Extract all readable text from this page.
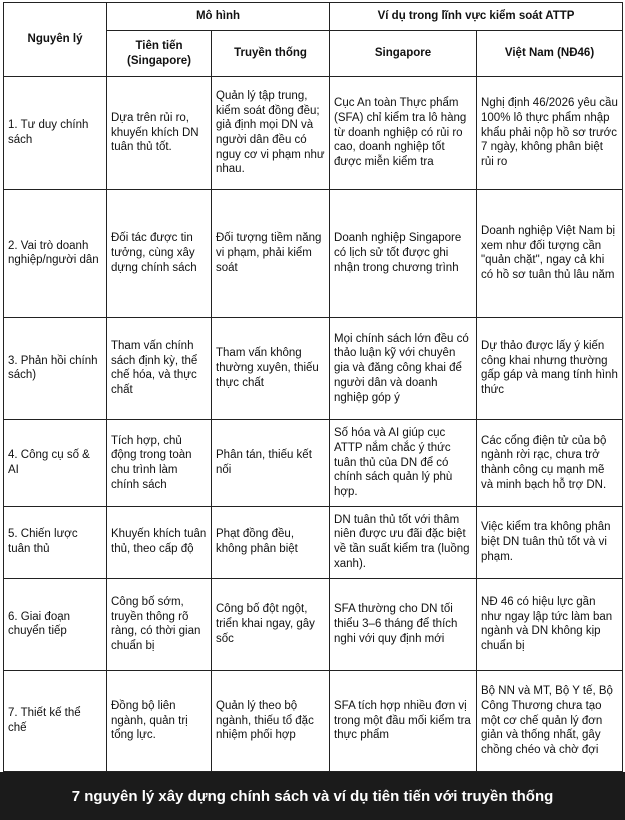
Nguyên lý	Mô hình		Ví dụ trong lĩnh vực kiểm soát ATTP	
	Tiên tiến (Singapore)	Truyền thống	Singapore	Việt Nam (NĐ46)
1. Tư duy chính sách	Dựa trên rủi ro, khuyến khích DN tuân thủ tốt.	Quản lý tập trung, kiểm soát đồng đều; giả định mọi DN và người dân đều có nguy cơ vi phạm như nhau.	Cục An toàn Thực phẩm (SFA) chỉ kiểm tra lô hàng từ doanh nghiệp có rủi ro cao, doanh nghiệp tốt được miễn kiểm tra	Nghị định 46/2026 yêu cầu 100% lô thực phẩm nhập khẩu phải nộp hồ sơ trước 7 ngày, không phân biệt rủi ro
2. Vai trò doanh nghiệp/người dân	Đối tác được tin tưởng, cùng xây dựng chính sách	Đối tượng tiềm năng vi phạm, phải kiểm soát	Doanh nghiệp Singapore có lịch sử tốt được ghi nhận trong chương trình	Doanh nghiệp Việt Nam bị xem như đối tượng cần "quản chặt", ngay cả khi có hồ sơ tuân thủ lâu năm
3. Phản hồi chính sách)	Tham vấn chính sách định kỳ, thể chế hóa, và thực chất	Tham vấn không thường xuyên, thiếu thực chất	Mọi chính sách lớn đều có thảo luận kỹ với chuyên gia và đăng công khai để người dân và doanh nghiệp góp ý	Dự thảo được lấy ý kiến công khai nhưng thường gấp gáp và mang tính hình thức
4. Công cụ số & AI	Tích hợp, chủ động trong toàn chu trình làm chính sách	Phân tán, thiếu kết nối	Số hóa và AI giúp cục ATTP nắm chắc ý thức tuân thủ của DN để có chính sách quản lý phù hợp.	Các cổng điện tử của bộ ngành rời rạc, chưa trở thành công cụ mạnh mẽ và minh bạch hỗ trợ DN.
5. Chiến lược tuân thủ	Khuyến khích tuân thủ, theo cấp độ	Phạt đồng đều, không phân biệt	DN tuân thủ tốt với thâm niên được ưu đãi đặc biệt về tần suất kiểm tra (luồng xanh).	Việc kiểm tra không phân biệt DN tuân thủ tốt và vi phạm.
6. Giai đoạn chuyển tiếp	Công bố sớm, truyền thông rõ ràng, có thời gian chuẩn bị	Công bố đột ngột, triển khai ngay, gây sốc	SFA thường cho DN tối thiểu 3–6 tháng để thích nghi với quy định mới	NĐ 46 có hiệu lực gần như ngay lập tức làm ban ngành và DN không kịp chuẩn bị
7. Thiết kế thể chế	Đồng bộ liên ngành, quản trị tổng lực.	Quản lý theo bộ ngành, thiếu tổ đặc nhiệm phối hợp	SFA tích hợp nhiều đơn vị trong một đầu mối kiểm tra thực phẩm	Bộ NN và MT, Bộ Y tế, Bộ Công Thương chưa tạo một cơ chế quản lý đơn giản và thống nhất, gây chồng chéo và chờ đợi
7 nguyên lý xây dựng chính sách và ví dụ tiên tiến với truyền thống
